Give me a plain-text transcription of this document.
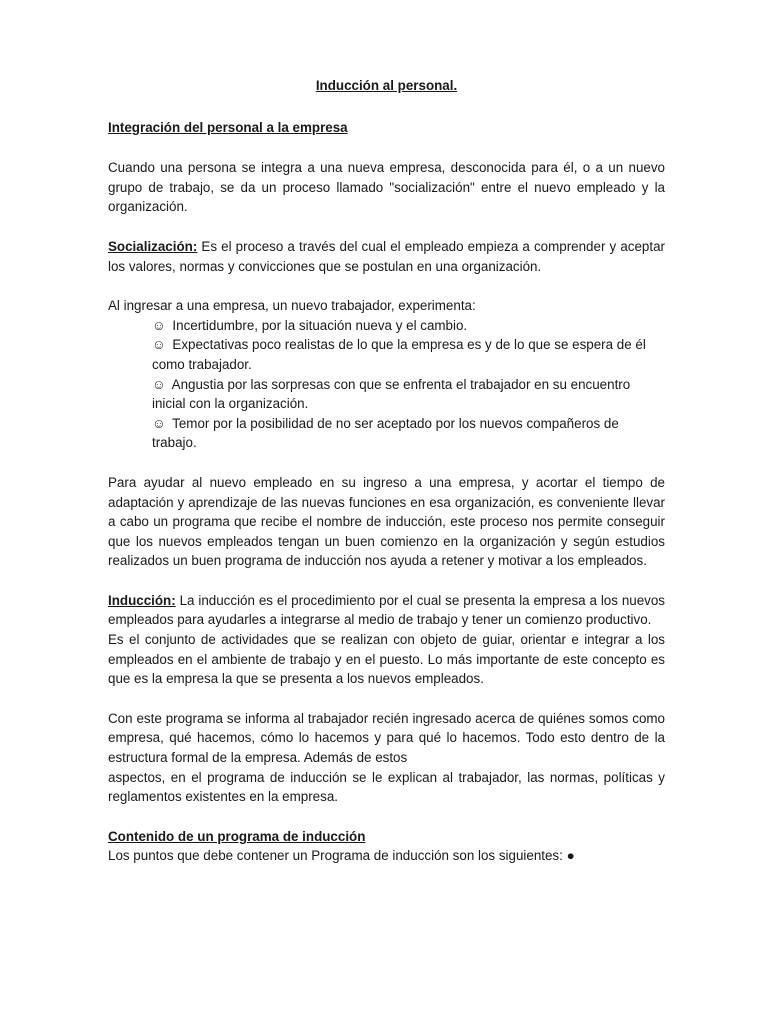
Inducción al personal.
Integración del personal a la empresa

Cuando una persona se integra a una nueva empresa, desconocida para él, o a un nuevo grupo de trabajo, se da un proceso llamado "socialización" entre el nuevo empleado y la organización.

Socialización: Es el proceso a través del cual el empleado empieza a comprender y aceptar los valores, normas y convicciones que se postulan en una organización.

Al ingresar a una empresa, un nuevo trabajador, experimenta:
☺ Incertidumbre, por la situación nueva y el cambio.
☺ Expectativas poco realistas de lo que la empresa es y de lo que se espera de él como trabajador.
☺ Angustia por las sorpresas con que se enfrenta el trabajador en su encuentro inicial con la organización.
☺ Temor por la posibilidad de no ser aceptado por los nuevos compañeros de trabajo.

Para ayudar al nuevo empleado en su ingreso a una empresa, y acortar el tiempo de adaptación y aprendizaje de las nuevas funciones en esa organización, es conveniente llevar a cabo un programa que recibe el nombre de inducción, este proceso nos permite conseguir que los nuevos empleados tengan un buen comienzo en la organización y según estudios realizados un buen programa de inducción nos ayuda a retener y motivar a los empleados.

Inducción: La inducción es el procedimiento por el cual se presenta la empresa a los nuevos empleados para ayudarles a integrarse al medio de trabajo y tener un comienzo productivo.

Es el conjunto de actividades que se realizan con objeto de guiar, orientar e integrar a los empleados en el ambiente de trabajo y en el puesto. Lo más importante de este concepto es que es la empresa la que se presenta a los nuevos empleados.

Con este programa se informa al trabajador recién ingresado acerca de quiénes somos como empresa, qué hacemos, cómo lo hacemos y para qué lo hacemos. Todo esto dentro de la estructura formal de la empresa. Además de estos

aspectos, en el programa de inducción se le explican al trabajador, las normas, políticas y reglamentos existentes en la empresa.

Contenido de un programa de inducción
Los puntos que debe contener un Programa de inducción son los siguientes: ●
